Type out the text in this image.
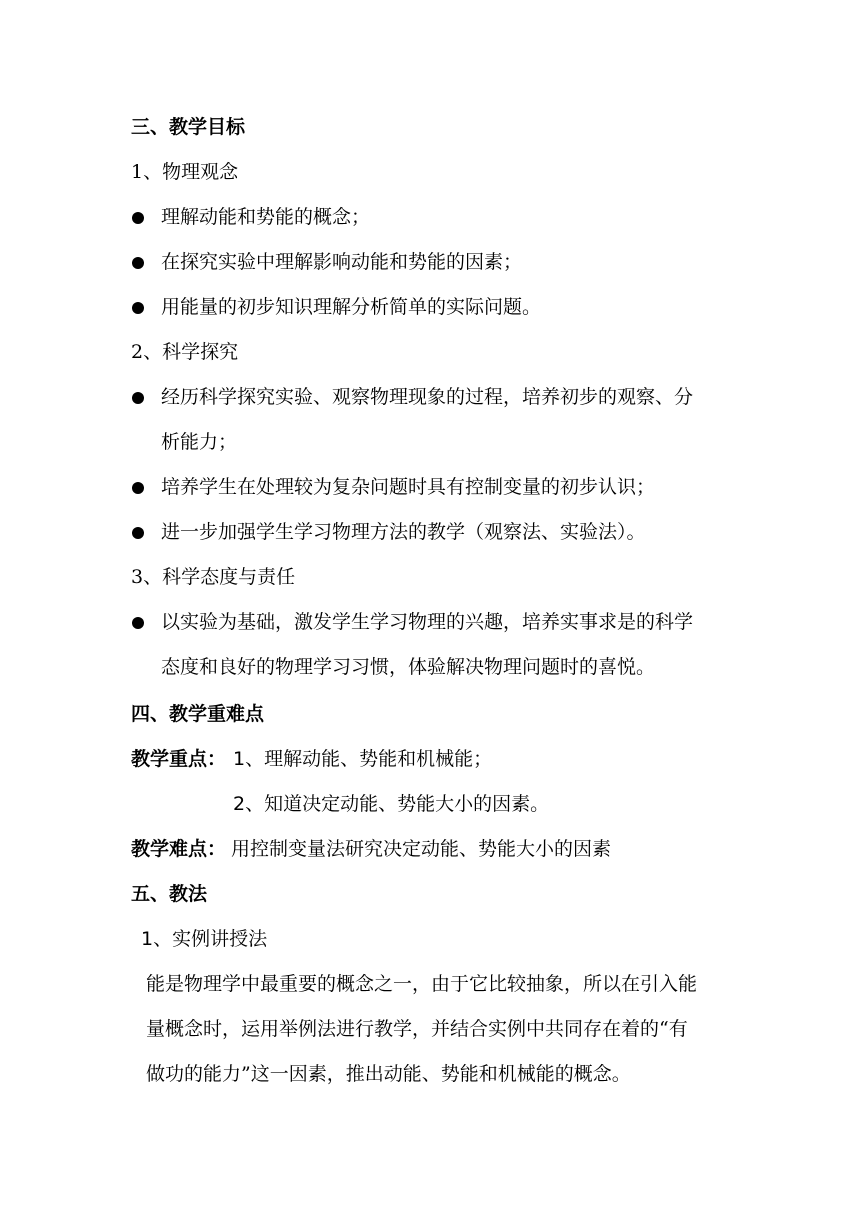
三、教学目标
1、物理观念
理解动能和势能的概念；
在探究实验中理解影响动能和势能的因素；
用能量的初步知识理解分析简单的实际问题。
2、科学探究
经历科学探究实验、观察物理现象的过程，培养初步的观察、分
析能力；
培养学生在处理较为复杂问题时具有控制变量的初步认识；
进一步加强学生学习物理方法的教学（观察法、实验法）。
3、科学态度与责任
以实验为基础，激发学生学习物理的兴趣，培养实事求是的科学
态度和良好的物理学习习惯，体验解决物理问题时的喜悦。
四、教学重难点
教学重点： 1、理解动能、势能和机械能；
2、知道决定动能、势能大小的因素。
教学难点： 用控制变量法研究决定动能、势能大小的因素
五、教法
1、实例讲授法
能是物理学中最重要的概念之一，由于它比较抽象，所以在引入能
量概念时，运用举例法进行教学，并结合实例中共同存在着的“有
做功的能力”这一因素，推出动能、势能和机械能的概念。
